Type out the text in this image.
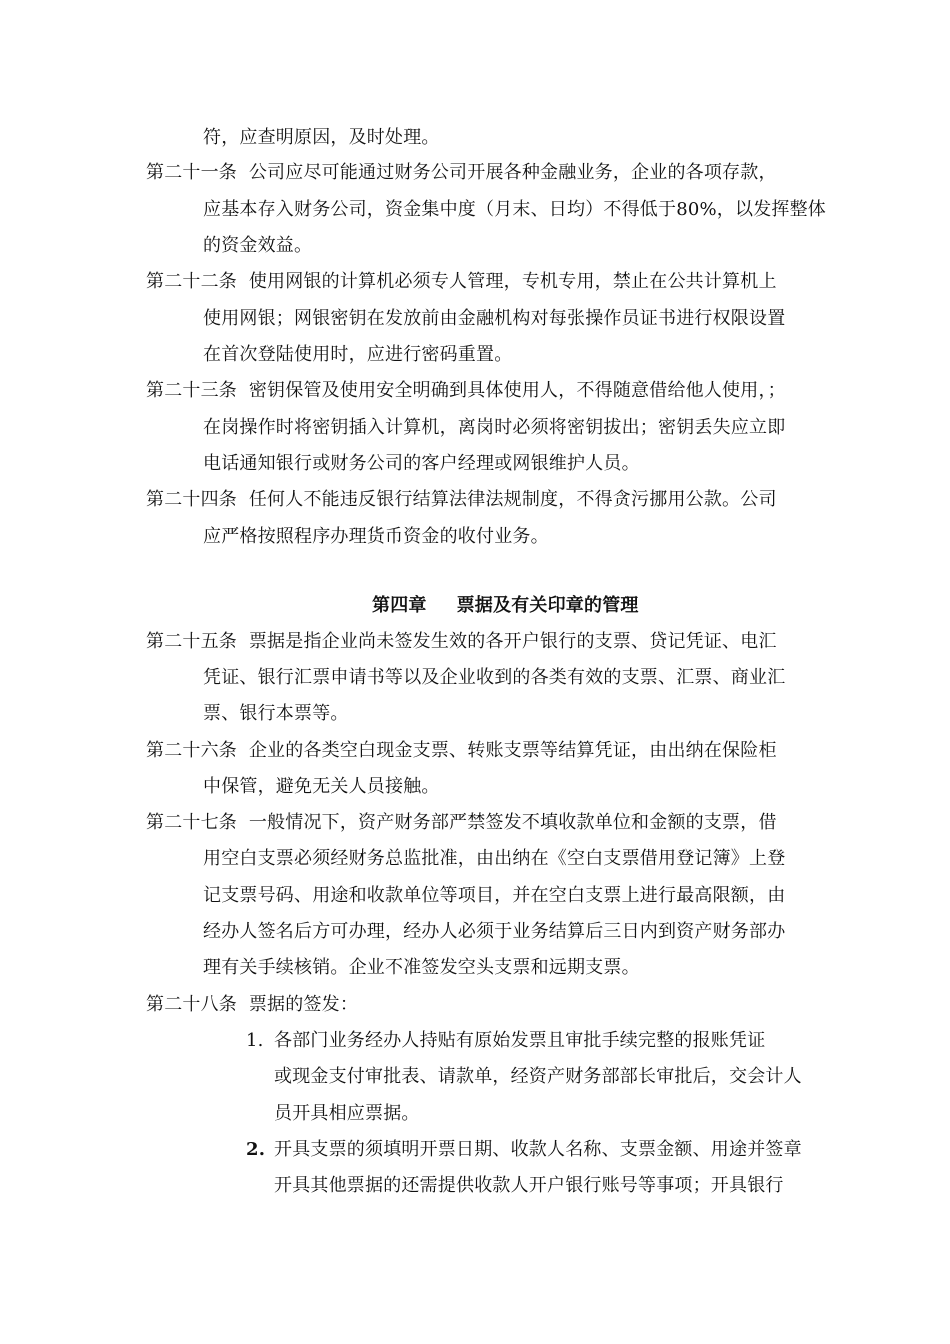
符，应查明原因，及时处理。
第二十一条 公司应尽可能通过财务公司开展各种金融业务，企业的各项存款，
应基本存入财务公司，资金集中度（月末、日均）不得低于80%，以发挥整体
的资金效益。
第二十二条 使用网银的计算机必须专人管理，专机专用，禁止在公共计算机上
使用网银；网银密钥在发放前由金融机构对每张操作员证书进行权限设置
在首次登陆使用时，应进行密码重置。
第二十三条 密钥保管及使用安全明确到具体使用人，不得随意借给他人使用，；
在岗操作时将密钥插入计算机，离岗时必须将密钥拔出；密钥丢失应立即
电话通知银行或财务公司的客户经理或网银维护人员。
第二十四条 任何人不能违反银行结算法律法规制度，不得贪污挪用公款。公司
应严格按照程序办理货币资金的收付业务。
第四章 票据及有关印章的管理
第二十五条 票据是指企业尚未签发生效的各开户银行的支票、贷记凭证、电汇
凭证、银行汇票申请书等以及企业收到的各类有效的支票、汇票、商业汇
票、银行本票等。
第二十六条 企业的各类空白现金支票、转账支票等结算凭证，由出纳在保险柜
中保管，避免无关人员接触。
第二十七条 一般情况下，资产财务部严禁签发不填收款单位和金额的支票，借
用空白支票必须经财务总监批准，由出纳在《空白支票借用登记簿》上登
记支票号码、用途和收款单位等项目，并在空白支票上进行最高限额，由
经办人签名后方可办理，经办人必须于业务结算后三日内到资产财务部办
理有关手续核销。企业不准签发空头支票和远期支票。
第二十八条 票据的签发：
1. 各部门业务经办人持贴有原始发票且审批手续完整的报账凭证
或现金支付审批表、请款单，经资产财务部部长审批后，交会计人
员开具相应票据。
2. 开具支票的须填明开票日期、收款人名称、支票金额、用途并签章
开具其他票据的还需提供收款人开户银行账号等事项；开具银行
